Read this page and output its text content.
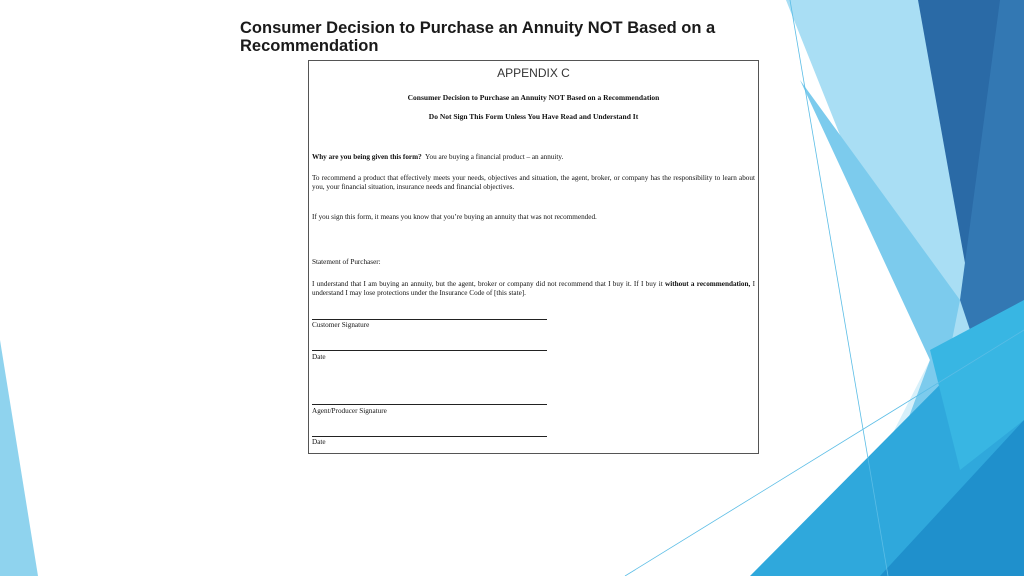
Consumer Decision to Purchase an Annuity NOT Based on a Recommendation
APPENDIX C
Consumer Decision to Purchase an Annuity NOT Based on a Recommendation
Do Not Sign This Form Unless You Have Read and Understand It
Why are you being given this form? You are buying a financial product – an annuity.
To recommend a product that effectively meets your needs, objectives and situation, the agent, broker, or company has the responsibility to learn about you, your financial situation, insurance needs and financial objectives.
If you sign this form, it means you know that you’re buying an annuity that was not recommended.
Statement of Purchaser:
I understand that I am buying an annuity, but the agent, broker or company did not recommend that I buy it. If I buy it without a recommendation, I understand I may lose protections under the Insurance Code of [this state].
Customer Signature
Date
Agent/Producer Signature
Date
